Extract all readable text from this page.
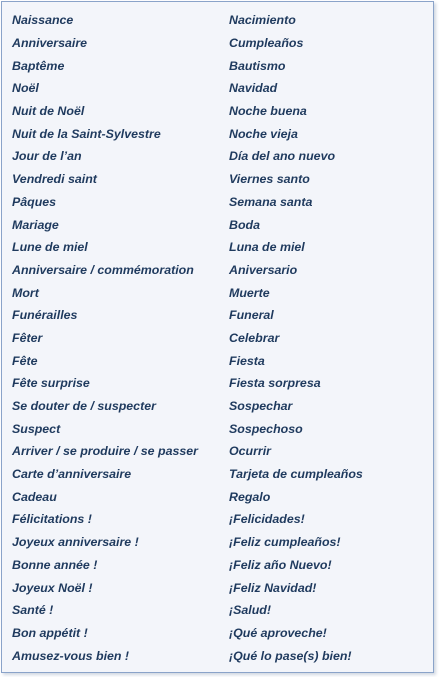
Naissance	Nacimiento
Anniversaire	Cumpleaños
Baptême	Bautismo
Noël	Navidad
Nuit de Noël	Noche buena
Nuit de la Saint-Sylvestre	Noche vieja
Jour de l’an	Día del ano nuevo
Vendredi saint	Viernes santo
Pâques	Semana santa
Mariage	Boda
Lune de miel	Luna de miel
Anniversaire / commémoration	Aniversario
Mort	Muerte
Funérailles	Funeral
Fêter	Celebrar
Fête	Fiesta
Fête surprise	Fiesta sorpresa
Se douter de / suspecter	Sospechar
Suspect	Sospechoso
Arriver / se produire / se passer	Ocurrir
Carte d’anniversaire	Tarjeta de cumpleaños
Cadeau	Regalo
Félicitations !	¡Felicidades!
Joyeux anniversaire !	¡Feliz cumpleaños!
Bonne année !	¡Feliz año Nuevo!
Joyeux Noël !	¡Feliz Navidad!
Santé !	¡Salud!
Bon appétit !	¡Qué aproveche!
Amusez-vous bien !	¡Qué lo pase(s) bien!
